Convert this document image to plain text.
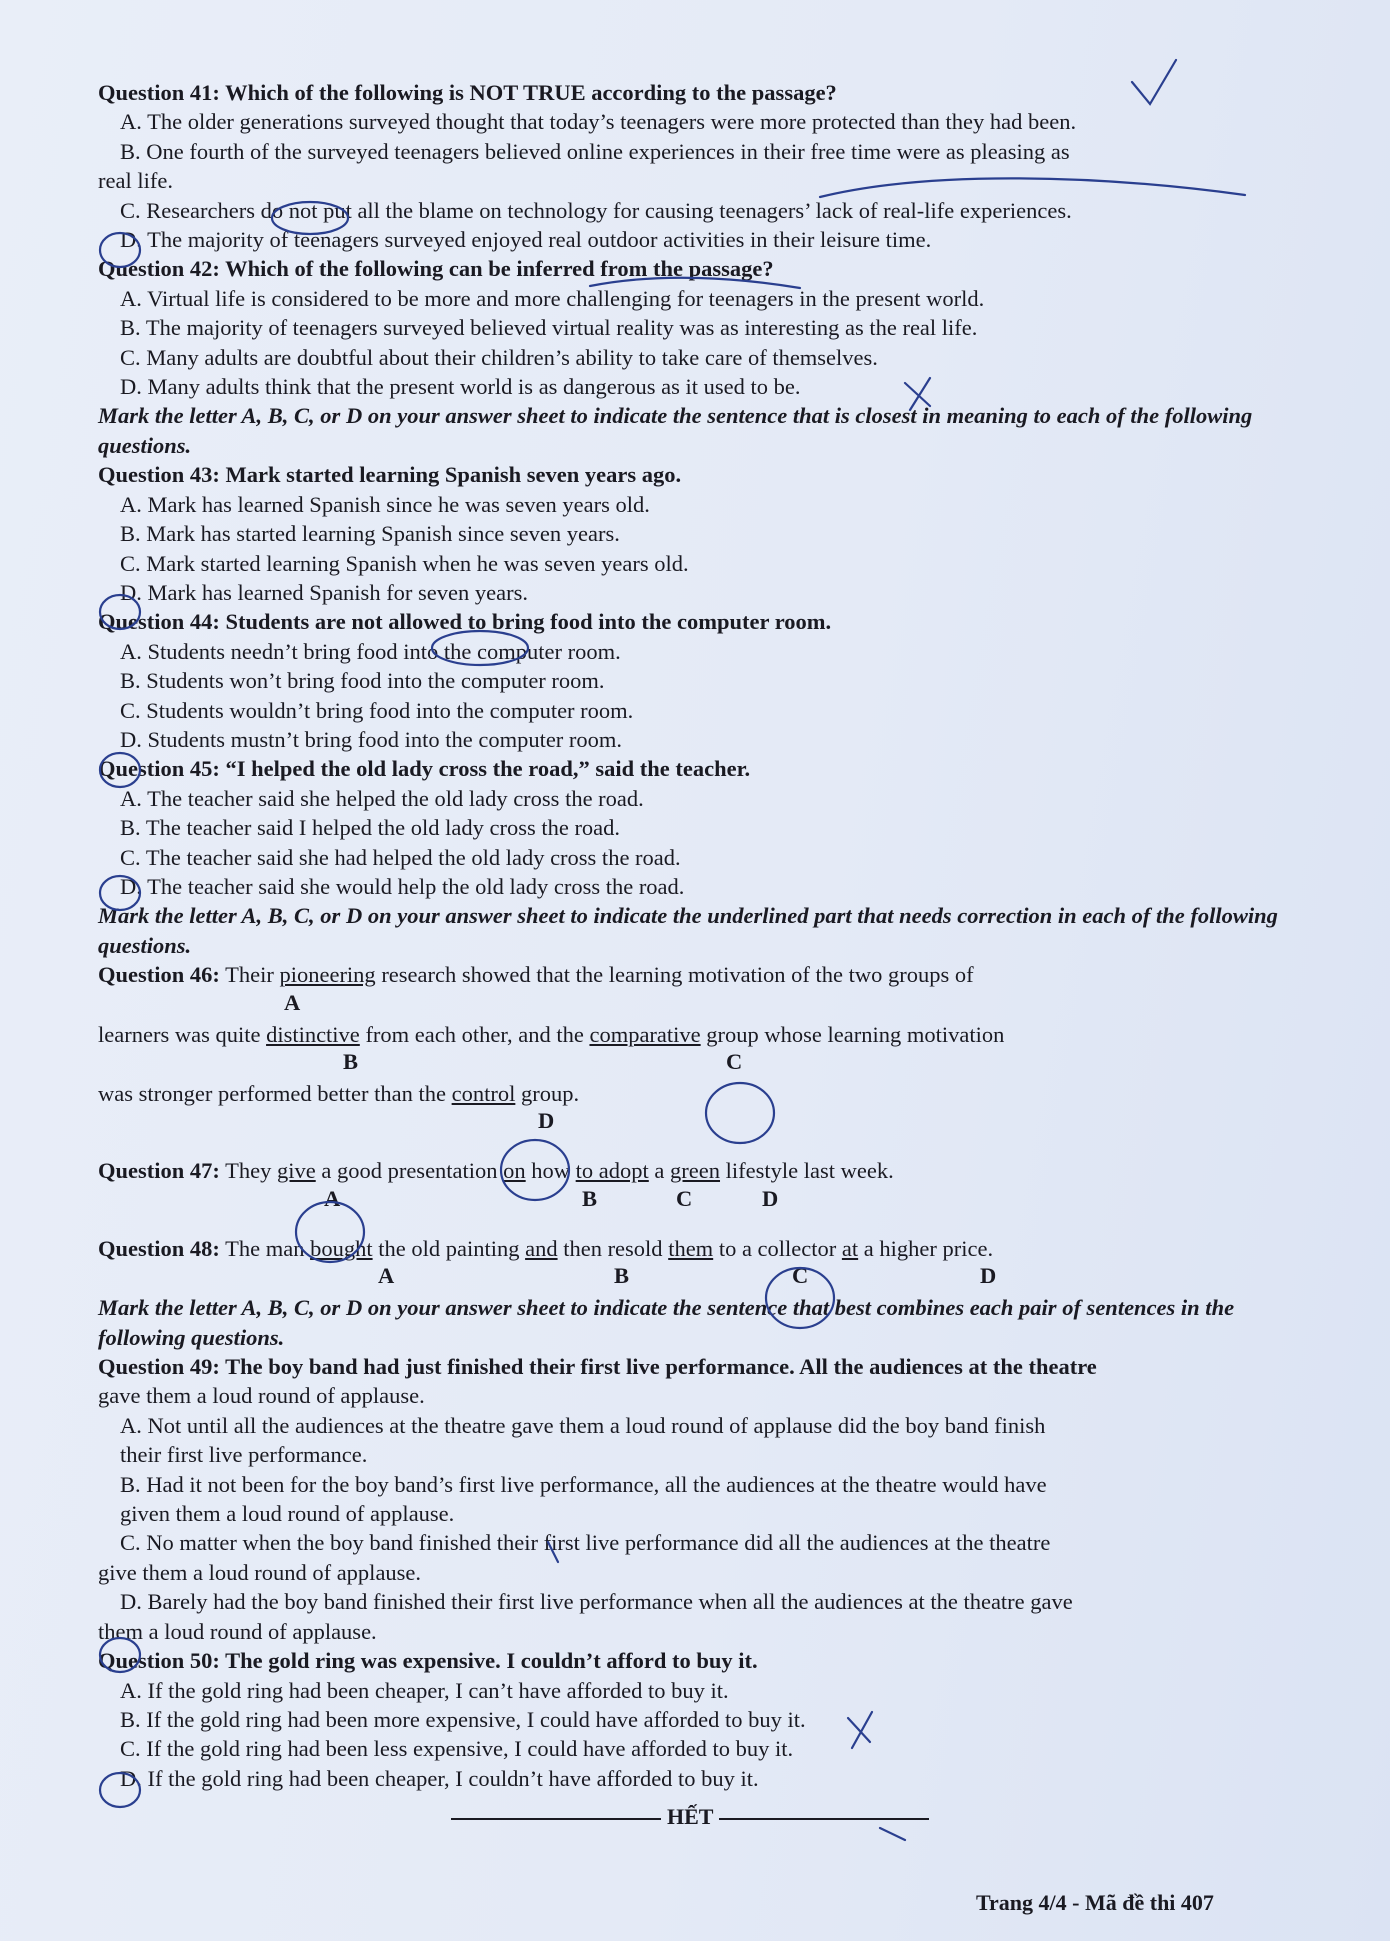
Question 41: Which of the following is NOT TRUE according to the passage?
A. The older generations surveyed thought that today’s teenagers were more protected than they had been.
B. One fourth of the surveyed teenagers believed online experiences in their free time were as pleasing as
real life.
C. Researchers do not put all the blame on technology for causing teenagers’ lack of real-life experiences.
D. The majority of teenagers surveyed enjoyed real outdoor activities in their leisure time.
Question 42: Which of the following can be inferred from the passage?
A. Virtual life is considered to be more and more challenging for teenagers in the present world.
B. The majority of teenagers surveyed believed virtual reality was as interesting as the real life.
C. Many adults are doubtful about their children’s ability to take care of themselves.
D. Many adults think that the present world is as dangerous as it used to be.
Mark the letter A, B, C, or D on your answer sheet to indicate the sentence that is closest in meaning to each of the following questions.
Question 43: Mark started learning Spanish seven years ago.
A. Mark has learned Spanish since he was seven years old.
B. Mark has started learning Spanish since seven years.
C. Mark started learning Spanish when he was seven years old.
D. Mark has learned Spanish for seven years.
Question 44: Students are not allowed to bring food into the computer room.
A. Students needn’t bring food into the computer room.
B. Students won’t bring food into the computer room.
C. Students wouldn’t bring food into the computer room.
D. Students mustn’t bring food into the computer room.
Question 45: “I helped the old lady cross the road,” said the teacher.
A. The teacher said she helped the old lady cross the road.
B. The teacher said I helped the old lady cross the road.
C. The teacher said she had helped the old lady cross the road.
D. The teacher said she would help the old lady cross the road.
Mark the letter A, B, C, or D on your answer sheet to indicate the underlined part that needs correction in each of the following questions.
Question 46: Their pioneering research showed that the learning motivation of the two groups of
A
learners was quite distinctive from each other, and the comparative group whose learning motivation
B	C
was stronger performed better than the control group.
D
Question 47: They give a good presentation on how to adopt a green lifestyle last week.
A	B	C	D
Question 48: The man bought the old painting and then resold them to a collector at a higher price.
A	B	C	D
Mark the letter A, B, C, or D on your answer sheet to indicate the sentence that best combines each pair of sentences in the following questions.
Question 49: The boy band had just finished their first live performance. All the audiences at the theatre
gave them a loud round of applause.
A. Not until all the audiences at the theatre gave them a loud round of applause did the boy band finish
their first live performance.
B. Had it not been for the boy band’s first live performance, all the audiences at the theatre would have
given them a loud round of applause.
C. No matter when the boy band finished their first live performance did all the audiences at the theatre
give them a loud round of applause.
D. Barely had the boy band finished their first live performance when all the audiences at the theatre gave
them a loud round of applause.
Question 50: The gold ring was expensive. I couldn’t afford to buy it.
A. If the gold ring had been cheaper, I can’t have afforded to buy it.
B. If the gold ring had been more expensive, I could have afforded to buy it.
C. If the gold ring had been less expensive, I could have afforded to buy it.
D. If the gold ring had been cheaper, I couldn’t have afforded to buy it.
HẾT
Trang 4/4 - Mã đề thi 407
